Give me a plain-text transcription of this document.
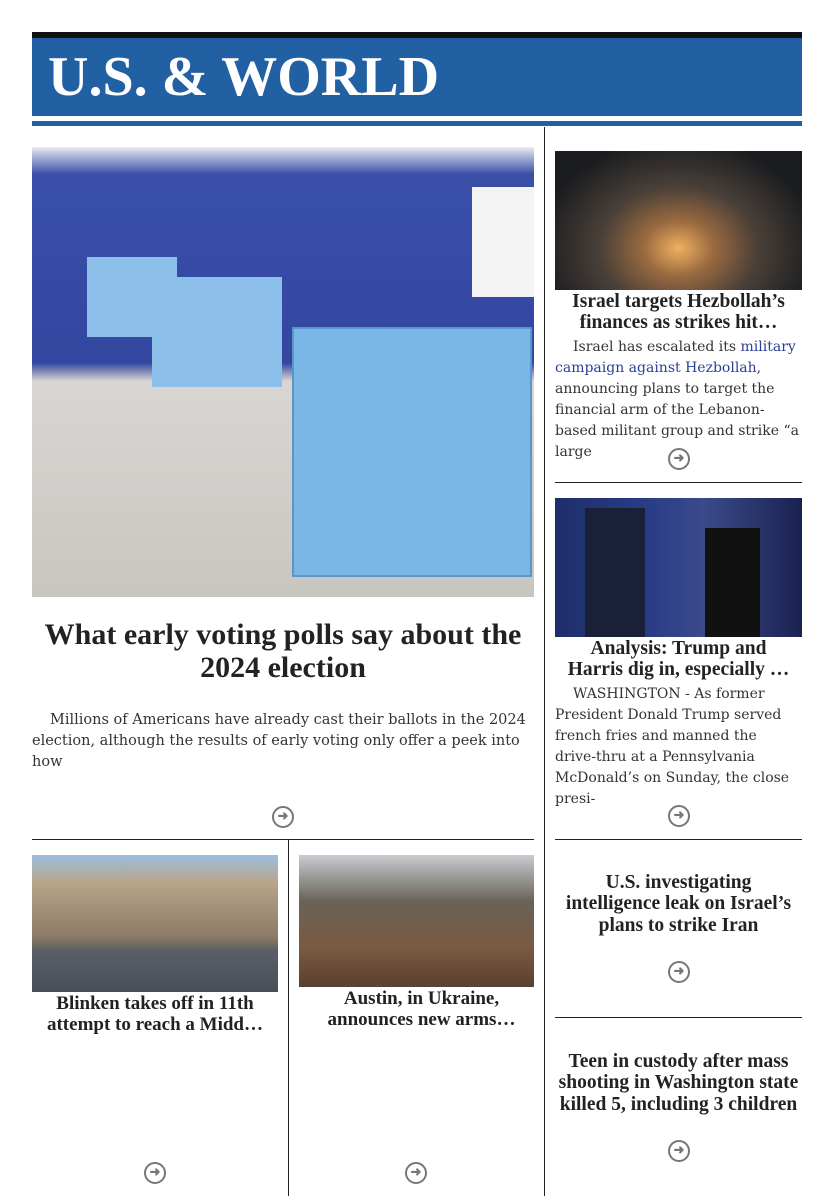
U.S. & WORLD
What early voting polls say about the 2024 election
Millions of Americans have already cast their ballots in the 2024 election, although the results of early voting only offer a peek into how
➜
Blinken takes off in 11th
attempt to reach a Midd…
➜
Austin, in Ukraine,
announces new arms…
➜
Israel targets Hezbollah’s
finances as strikes hit…
Israel has escalated its military campaign against Hezbollah, announcing plans to target the financial arm of the Lebanon-based militant group and strike “a large	➜
Analysis: Trump and
Harris dig in, especially …
WASHINGTON - As former President Donald Trump served french fries and manned the drive-thru at a Pennsylvania McDonald’s on Sunday, the close presi-
➜
U.S. investigating intelligence leak on Israel’s plans to strike Iran
➜
Teen in custody after mass shooting in Washington state killed 5, including 3 children
➜
